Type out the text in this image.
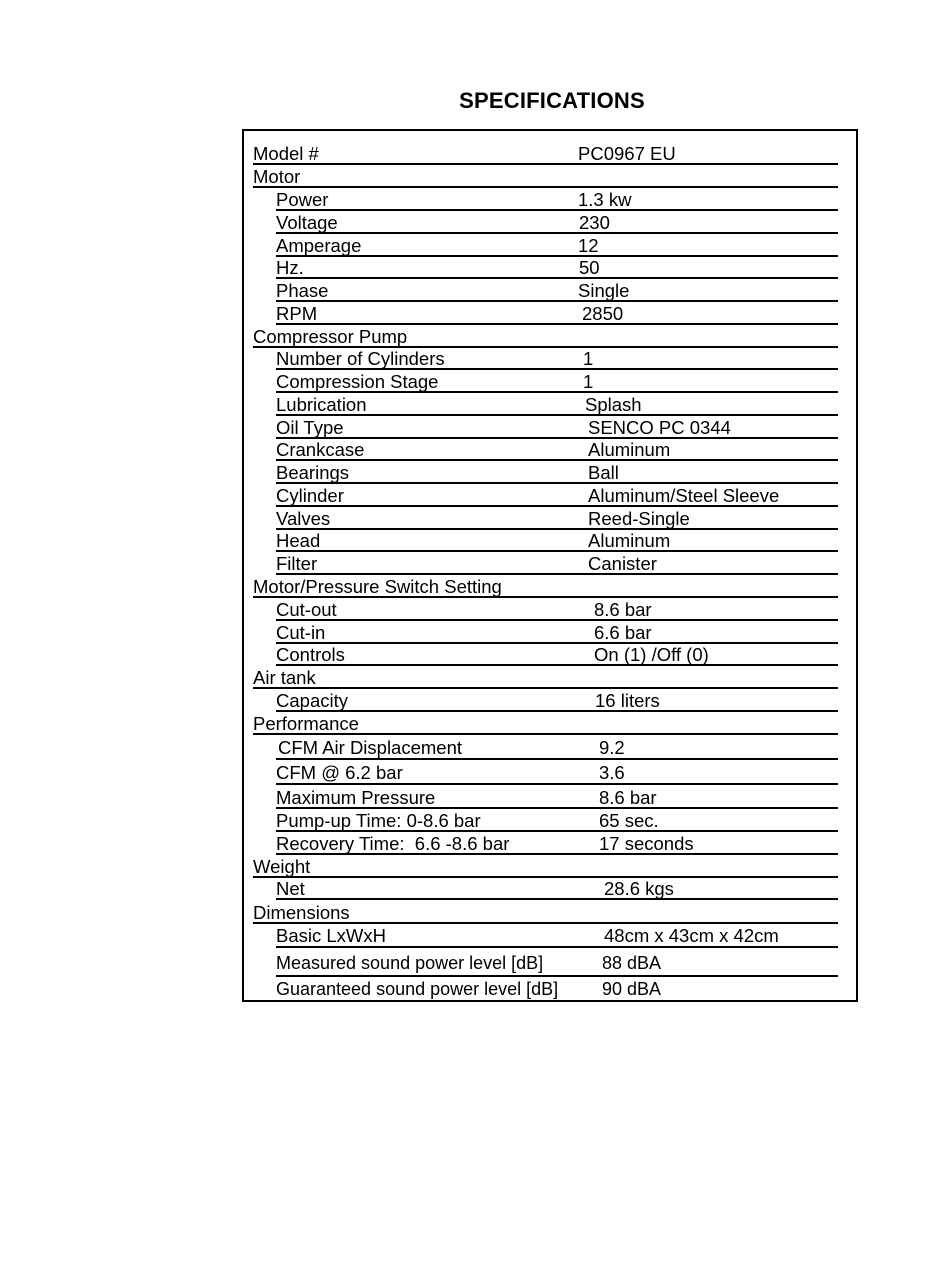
SPECIFICATIONS
Model #	PC0967 EU
Motor
Power	1.3 kw
Voltage	230
Amperage	12
Hz.	50
Phase	Single
RPM	2850
Compressor Pump
Number of Cylinders	1
Compression Stage	1
Lubrication	Splash
Oil Type	SENCO PC 0344
Crankcase	Aluminum
Bearings	Ball
Cylinder	Aluminum/Steel Sleeve
Valves	Reed-Single
Head	Aluminum
Filter	Canister
Motor/Pressure Switch Setting
Cut-out	8.6 bar
Cut-in	6.6 bar
Controls	On (1) /Off (0)
Air tank
Capacity	16 liters
Performance
CFM Air Displacement	9.2
CFM @ 6.2 bar	3.6
Maximum Pressure	8.6 bar
Pump-up Time: 0-8.6 bar	65 sec.
Recovery Time:  6.6 -8.6 bar	17 seconds
Weight
Net	28.6 kgs
Dimensions
Basic LxWxH	48cm x 43cm x 42cm
Measured sound power level [dB]	88 dBA
Guaranteed sound power level [dB] 90 dBA
